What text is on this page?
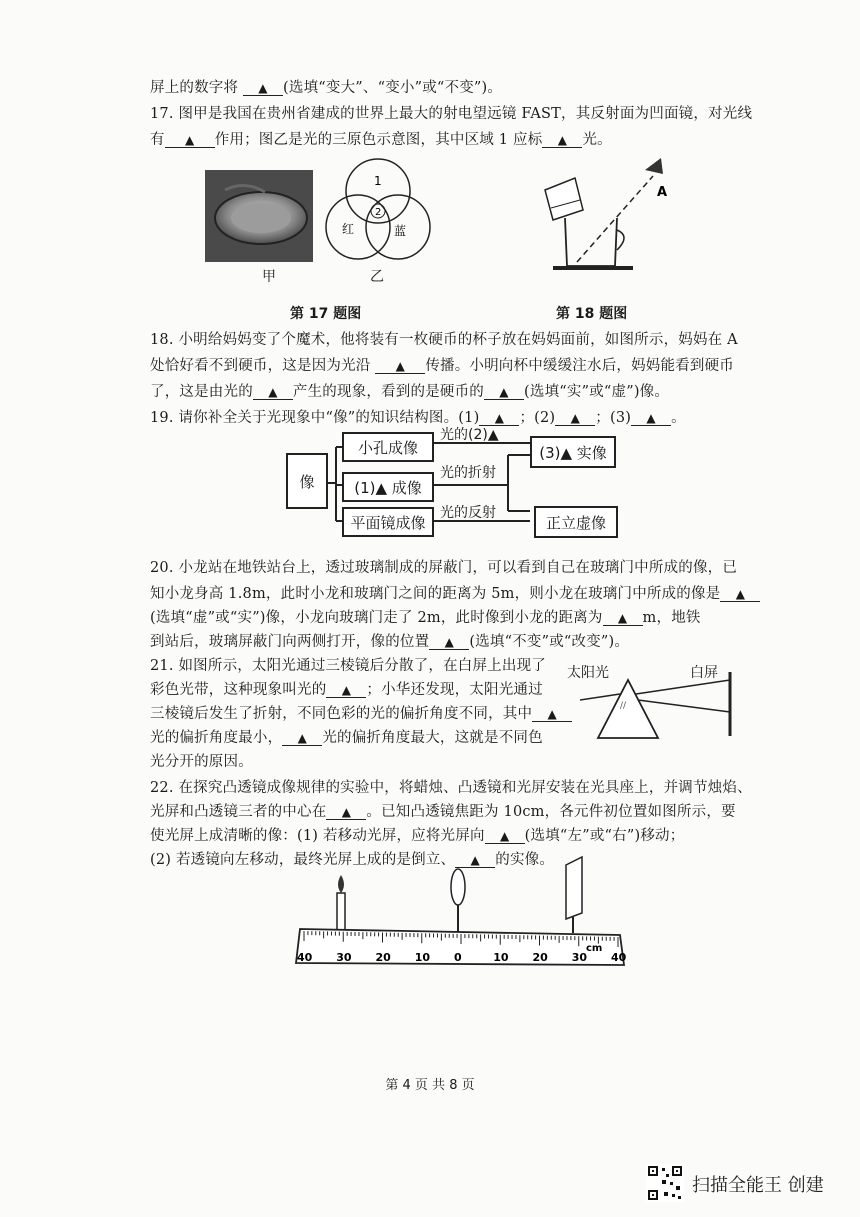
屏上的数字将 ▲ (选填“变大”、“变小”或“不变”)。
17. 图甲是我国在贵州省建成的世界上最大的射电望远镜 FAST，其反射面为凹面镜，对光线
有 ▲ 作用；图乙是光的三原色示意图，其中区域 1 应标 ▲ 光。
甲
1
2
红	蓝
乙
第 17 题图
A
第 18 题图
18. 小明给妈妈变了个魔术，他将装有一枚硬币的杯子放在妈妈面前，如图所示，妈妈在 A
处恰好看不到硬币，这是因为光沿 ▲ 传播。小明向杯中缓缓注水后，妈妈能看到硬币
了，这是由光的 ▲ 产生的现象，看到的是硬币的 ▲ (选填“实”或“虚”)像。
19. 请你补全关于光现象中“像”的知识结构图。(1) ▲ ；(2) ▲ ；(3) ▲ 。
像
小孔成像
(1)▲ 成像
平面镜成像
(3)▲ 实像
正立虚像
光的(2)▲
光的折射
光的反射
20. 小龙站在地铁站台上，透过玻璃制成的屏蔽门，可以看到自己在玻璃门中所成的像，已
知小龙身高 1.8m，此时小龙和玻璃门之间的距离为 5m，则小龙在玻璃门中所成的像是 ▲
(选填“虚”或“实”)像，小龙向玻璃门走了 2m，此时像到小龙的距离为 ▲ m，地铁
到站后，玻璃屏蔽门向两侧打开，像的位置 ▲ (选填“不变”或“改变”)。
21. 如图所示，太阳光通过三棱镜后分散了，在白屏上出现了
彩色光带，这种现象叫光的 ▲ ；小华还发现，太阳光通过
三棱镜后发生了折射，不同色彩的光的偏折角度不同，其中 ▲
光的偏折角度最小， ▲ 光的偏折角度最大，这就是不同色
光分开的原因。
//
太阳光	白屏
22. 在探究凸透镜成像规律的实验中，将蜡烛、凸透镜和光屏安装在光具座上，并调节烛焰、
光屏和凸透镜三者的中心在 ▲ 。已知凸透镜焦距为 10cm，各元件初位置如图所示，要
使光屏上成清晰的像：(1) 若移动光屏，应将光屏向 ▲ (选填“左”或“右”)移动；
(2) 若透镜向左移动，最终光屏上成的是倒立、 ▲ 的实像。
40 30 20 10 0	10 20 30 40
cm
第 4 页 共 8 页
扫描全能王 创建
